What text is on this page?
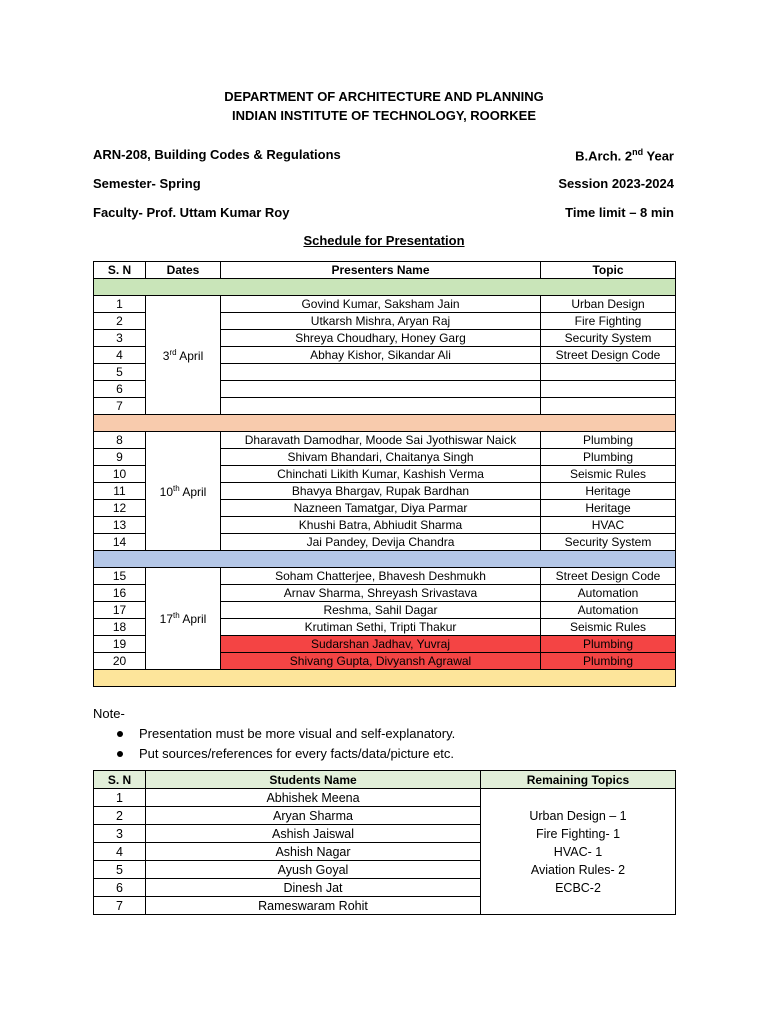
DEPARTMENT OF ARCHITECTURE AND PLANNING
INDIAN INSTITUTE OF TECHNOLOGY, ROORKEE
ARN-208, Building Codes & Regulations	B.Arch. 2nd Year
Semester- Spring	Session 2023-2024
Faculty- Prof. Uttam Kumar Roy	Time limit – 8 min
Schedule for Presentation
S. N	Dates	Presenters Name	Topic

1	3rd April	Govind Kumar, Saksham Jain	Urban Design
2		Utkarsh Mishra, Aryan Raj	Fire Fighting
3		Shreya Choudhary, Honey Garg	Security System
4		Abhay Kishor, Sikandar Ali	Street Design Code
5			
6			
7			

8	10th April	Dharavath Damodhar, Moode Sai Jyothiswar Naick	Plumbing
9		Shivam Bhandari, Chaitanya Singh	Plumbing
10		Chinchati Likith Kumar, Kashish Verma	Seismic Rules
11		Bhavya Bhargav, Rupak Bardhan	Heritage
12		Nazneen Tamatgar, Diya Parmar	Heritage
13		Khushi Batra, Abhiudit Sharma	HVAC
14		Jai Pandey, Devija Chandra	Security System

15	17th April	Soham Chatterjee, Bhavesh Deshmukh	Street Design Code
16		Arnav Sharma, Shreyash Srivastava	Automation
17		Reshma, Sahil Dagar	Automation
18		Krutiman Sethi, Tripti Thakur	Seismic Rules
19		Sudarshan Jadhav, Yuvraj	Plumbing
20		Shivang Gupta, Divyansh Agrawal	Plumbing

Note-
Presentation must be more visual and self-explanatory.
Put sources/references for every facts/data/picture etc.
S. N	Students Name	Remaining Topics
1	Abhishek Meena	Urban Design – 1
Fire Fighting- 1
HVAC- 1
Aviation Rules- 2
ECBC-2

2	Aryan Sharma	
3	Ashish Jaiswal	
4	Ashish Nagar	
5	Ayush Goyal	
6	Dinesh Jat	
7	Rameswaram Rohit	
